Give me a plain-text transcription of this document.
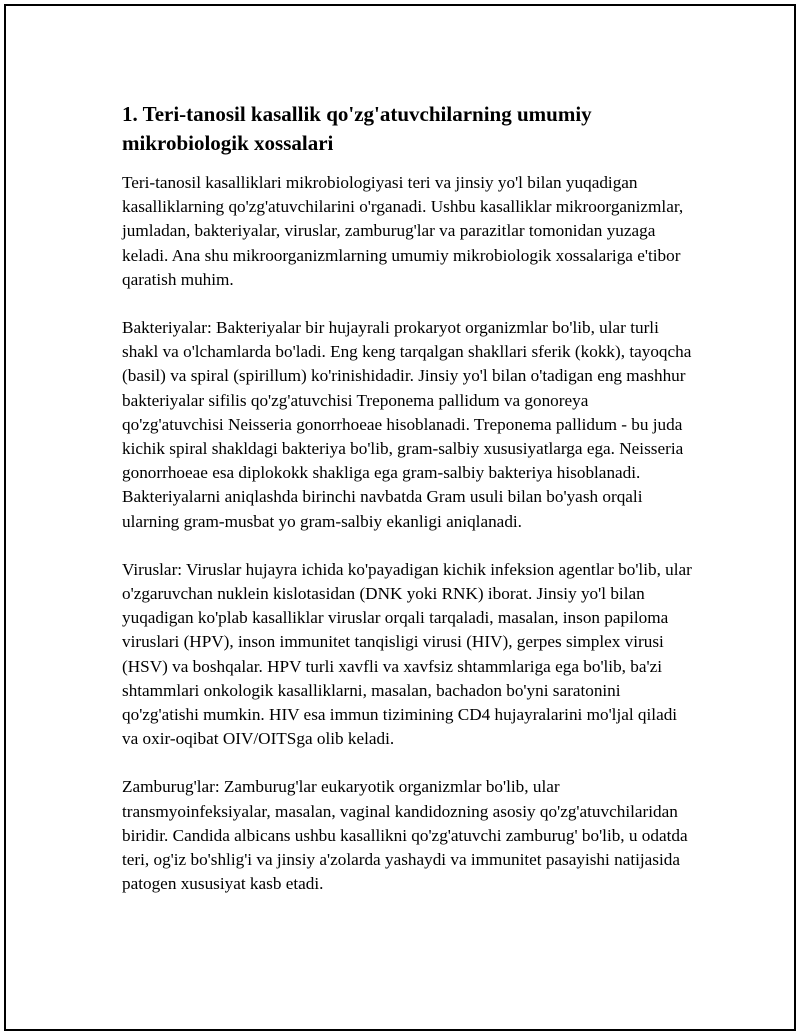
1. Teri-tanosil kasallik qo'zg'atuvchilarning umumiy mikrobiologik xossalari

Teri-tanosil kasalliklari mikrobiologiyasi teri va jinsiy yo'l bilan yuqadigan kasalliklarning qo'zg'atuvchilarini o'rganadi. Ushbu kasalliklar mikroorganizmlar, jumladan, bakteriyalar, viruslar, zamburug'lar va parazitlar tomonidan yuzaga keladi. Ana shu mikroorganizmlarning umumiy mikrobiologik xossalariga e'tibor qaratish muhim.

Bakteriyalar: Bakteriyalar bir hujayrali prokaryot organizmlar bo'lib, ular turli shakl va o'lchamlarda bo'ladi. Eng keng tarqalgan shakllari sferik (kokk), tayoqcha (basil) va spiral (spirillum) ko'rinishidadir. Jinsiy yo'l bilan o'tadigan eng mashhur bakteriyalar sifilis qo'zg'atuvchisi Treponema pallidum va gonoreya qo'zg'atuvchisi Neisseria gonorrhoeae hisoblanadi. Treponema pallidum - bu juda kichik spiral shakldagi bakteriya bo'lib, gram-salbiy xususiyatlarga ega. Neisseria gonorrhoeae esa diplokokk shakliga ega gram-salbiy bakteriya hisoblanadi. Bakteriyalarni aniqlashda birinchi navbatda Gram usuli bilan bo'yash orqali ularning gram-musbat yo gram-salbiy ekanligi aniqlanadi.

Viruslar: Viruslar hujayra ichida ko'payadigan kichik infeksion agentlar bo'lib, ular o'zgaruvchan nuklein kislotasidan (DNK yoki RNK) iborat. Jinsiy yo'l bilan yuqadigan ko'plab kasalliklar viruslar orqali tarqaladi, masalan, inson papiloma viruslari (HPV), inson immunitet tanqisligi virusi (HIV), gerpes simplex virusi (HSV) va boshqalar. HPV turli xavfli va xavfsiz shtammlariga ega bo'lib, ba'zi shtammlari onkologik kasalliklarni, masalan, bachadon bo'yni saratonini qo'zg'atishi mumkin. HIV esa immun tizimining CD4 hujayralarini mo'ljal qiladi va oxir-oqibat OIV/OITSga olib keladi.

Zamburug'lar: Zamburug'lar eukaryotik organizmlar bo'lib, ular transmyoinfeksiyalar, masalan, vaginal kandidozning asosiy qo'zg'atuvchilaridan biridir. Candida albicans ushbu kasallikni qo'zg'atuvchi zamburug' bo'lib, u odatda teri, og'iz bo'shlig'i va jinsiy a'zolarda yashaydi va immunitet pasayishi natijasida patogen xususiyat kasb etadi.
